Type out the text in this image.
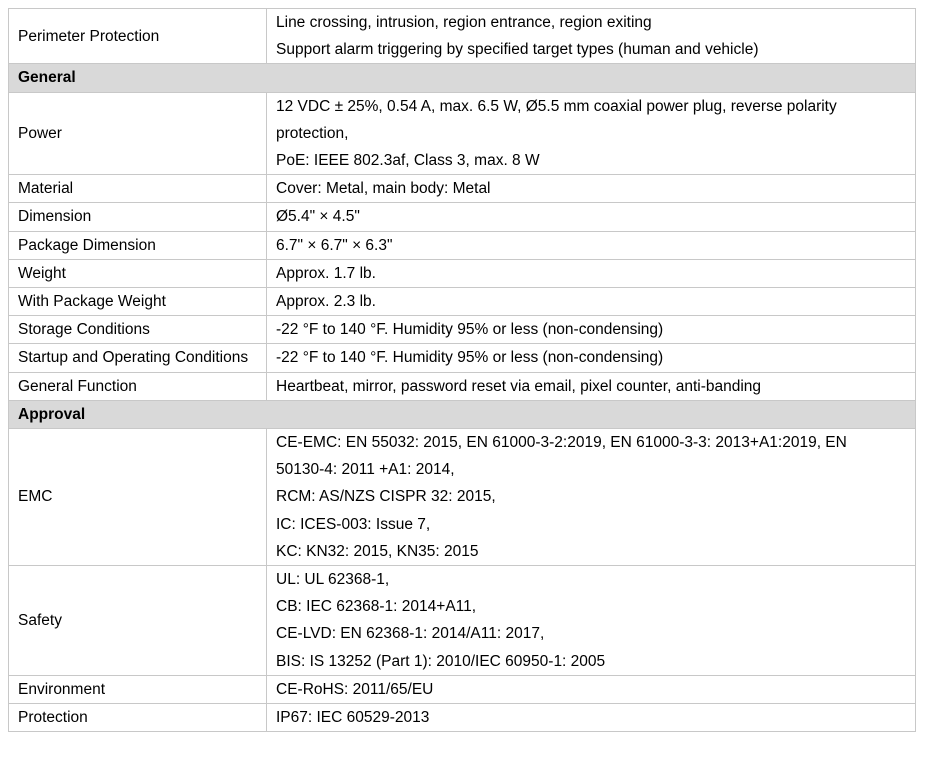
Perimeter Protection	Line crossing, intrusion, region entrance, region exiting
Support alarm triggering by specified target types (human and vehicle)

General	
Power	12 VDC ± 25%, 0.54 A, max. 6.5 W, Ø5.5 mm coaxial power plug, reverse polarity
protection,
PoE: IEEE 802.3af, Class 3, max. 8 W

Material	Cover: Metal, main body: Metal

Dimension	Ø5.4" × 4.5"

Package Dimension	6.7" × 6.7" × 6.3"

Weight	Approx. 1.7 lb.

With Package Weight	Approx. 2.3 lb.

Storage Conditions	-22 °F to 140 °F. Humidity 95% or less (non-condensing)

Startup and Operating Conditions	-22 °F to 140 °F. Humidity 95% or less (non-condensing)

General Function	Heartbeat, mirror, password reset via email, pixel counter, anti-banding

Approval	
EMC	CE-EMC: EN 55032: 2015, EN 61000-3-2:2019, EN 61000-3-3: 2013+A1:2019, EN
50130-4: 2011 +A1: 2014,
RCM: AS/NZS CISPR 32: 2015,
IC: ICES-003: Issue 7,
KC: KN32: 2015, KN35: 2015

Safety	UL: UL 62368-1,
CB: IEC 62368-1: 2014+A11,
CE-LVD: EN 62368-1: 2014/A11: 2017,
BIS: IS 13252 (Part 1): 2010/IEC 60950-1: 2005

Environment	CE-RoHS: 2011/65/EU

Protection	IP67: IEC 60529-2013
